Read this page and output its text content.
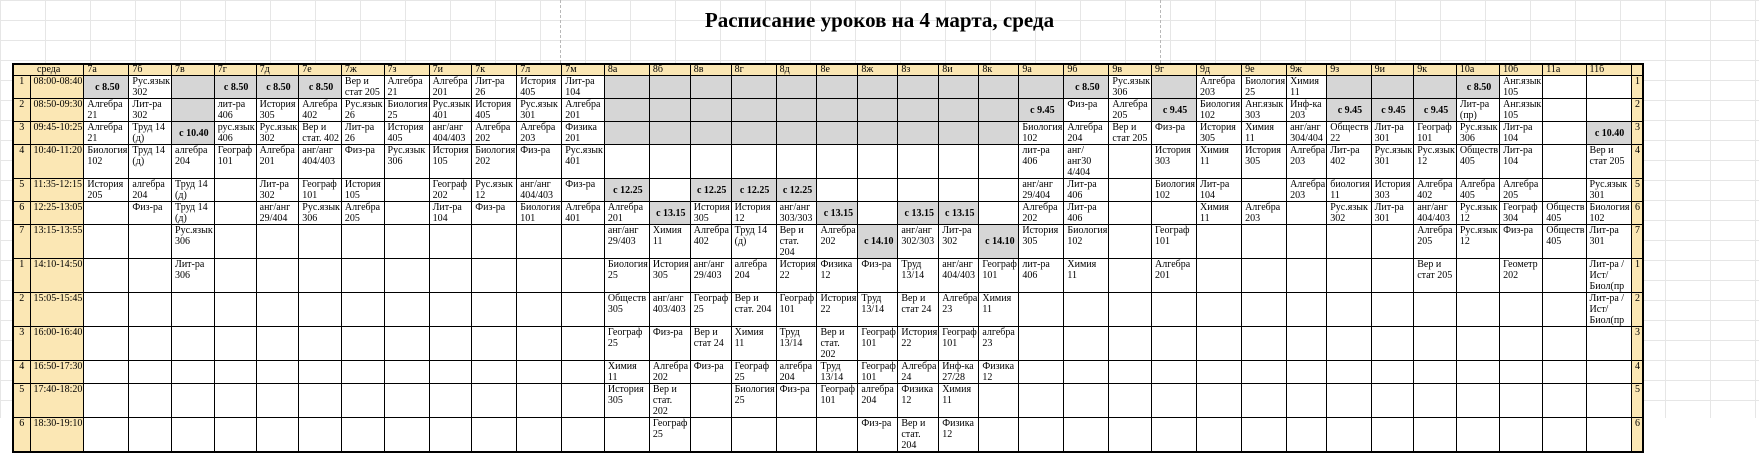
Расписание уроков на 4 марта, среда
среда		7а	7б	7в	7г	7д	7е	7ж	7з	7и	7к	7л	7м	8а	8б	8в	8г	8д	8е	8ж	8з	8и	8к	9а	9б	9в	9г	9д	9е	9ж	9з	9и	9к	10а	10б	11а	11б	
1	08:00-08:40	с 8.50	Рус.язык 302		с 8.50	с 8.50	с 8.50	Вер и стат 205	Алгебра 21	Алгебра 201	Лит-ра 26	История 405	Лит-ра 104												с 8.50	Рус.язык 306		Алгебра 203	Биология 25	Химия 11				с 8.50	Анг.язык 105			1
2	08:50-09:30	Алгебра 21	Лит-ра 302		лит-ра 406	История 305	Алгебра 402	Рус.язык 26	Биология 25	Рус.язык 401	История 405	Рус.язык 301	Алгебра 201											с 9.45	Физ-ра	Алгебра 205	с 9.45	Биология 102	Анг.язык 303	Инф-ка 203	с 9.45	с 9.45	с 9.45	Лит-ра (пр)	Анг.язык 105			2
3	09:45-10:25	Алгебра 21	Труд 14 (д)	с 10.40	рус.язык 406	Рус.язык 302	Вер и стат. 402	Лит-ра 26	История 405	анг/анг 404/403	Алгебра 202	Алгебра 203	Физика 201											Биология 102	Алгебра 204	Вер и стат 205	Физ-ра	История 305	Химия 11	анг/анг 304/404	Обществ 22	Лит-ра 301	Географ 101	Рус.язык 306	Лит-ра 104		с 10.40	3
4	10:40-11:20	Биология 102	Труд 14 (д)	алгебра 204	Географ 101	Алгебра 201	анг/анг 404/403	Физ-ра	Рус.язык 306	История 105	Биология 202	Физ-ра	Рус.язык 401											лит-ра 406	анг/анг30 4/404		История 303	Химия 11	История 305	Алгебра 203	Лит-ра 402	Рус.язык 301	Рус.язык 12	Обществ 405	Лит-ра 104		Вер и стат 205	4
5	11:35-12:15	История 205	алгебра 204	Труд 14 (д)		Лит-ра 302	Географ 101	История 105		Географ 202	Рус.язык 12	анг/анг 404/403	Физ-ра	с 12.25		с 12.25	с 12.25	с 12.25						анг/анг 29/404	Лит-ра 406		Биология 102	Лит-ра 104		Алгебра 203	биология 11	История 303	Алгебра 402	Алгебра 405	Алгебра 205		Рус.язык 301	5
6	12:25-13:05		Физ-ра	Труд 14 (д)		анг/анг 29/404	Рус.язык 306	Алгебра 205		Лит-ра 104	Физ-ра	Биология 101	Алгебра 401	Алгебра 201	с 13.15	История 305	История 12	анг/анг 303/303	с 13.15		с 13.15	с 13.15		Алгебра 202	Лит-ра 406			Химия 11	Алгебра 203		Рус.язык 302	Лит-ра 301	анг/анг 404/403	Рус.язык 12	Географ 304	Обществ 405	Биология 102	6
7	13:15-13:55			Рус.язык 306										анг/анг 29/403	Химия 11	Алгебра 402	Труд 14 (д)	Вер и стат. 204	Алгебра 202	с 14.10	анг/анг 302/303	Лит-ра 302	с 14.10	История 305	Биология 102		Географ 101						Алгебра 205	Рус.язык 12	Физ-ра	Обществ 405	Лит-ра 301	7
1	14:10-14:50			Лит-ра 306										Биология 25	История 305	анг/анг 29/403	алгебра 204	История 22	Физика 12	Физ-ра	Труд 13/14	анг/анг 404/403	Географ 101	лит-ра 406	Химия 11		Алгебра 201						Вер и стат 205		Геометр 202		Лит-ра / Ист/Биол(пр	1
2	15:05-15:45													Обществ 305	анг/анг 403/403	Географ 25	Вер и стат. 204	Географ 101	История 22	Труд 13/14	Вер и стат 24	Алгебра 23	Химия 11														Лит-ра / Ист/Биол(пр	2
3	16:00-16:40													Географ 25	Физ-ра	Вер и стат 24	Химия 11	Труд 13/14	Вер и стат. 202	Географ 101	История 22	Географ 101	алгебра 23															3
4	16:50-17:30													Химия 11	Алгебра 202	Физ-ра	Географ 25	алгебра 204	Труд 13/14	Географ 101	Алгебра 24	Инф-ка 27/28	Физика 12															4
5	17:40-18:20													История 305	Вер и стат. 202		Биология 25	Физ-ра	Географ 101	алгебра 204	Физика 12	Химия 11																5
6	18:30-19:10														Географ 25					Физ-ра	Вер и стат. 204	Физика 12																6
